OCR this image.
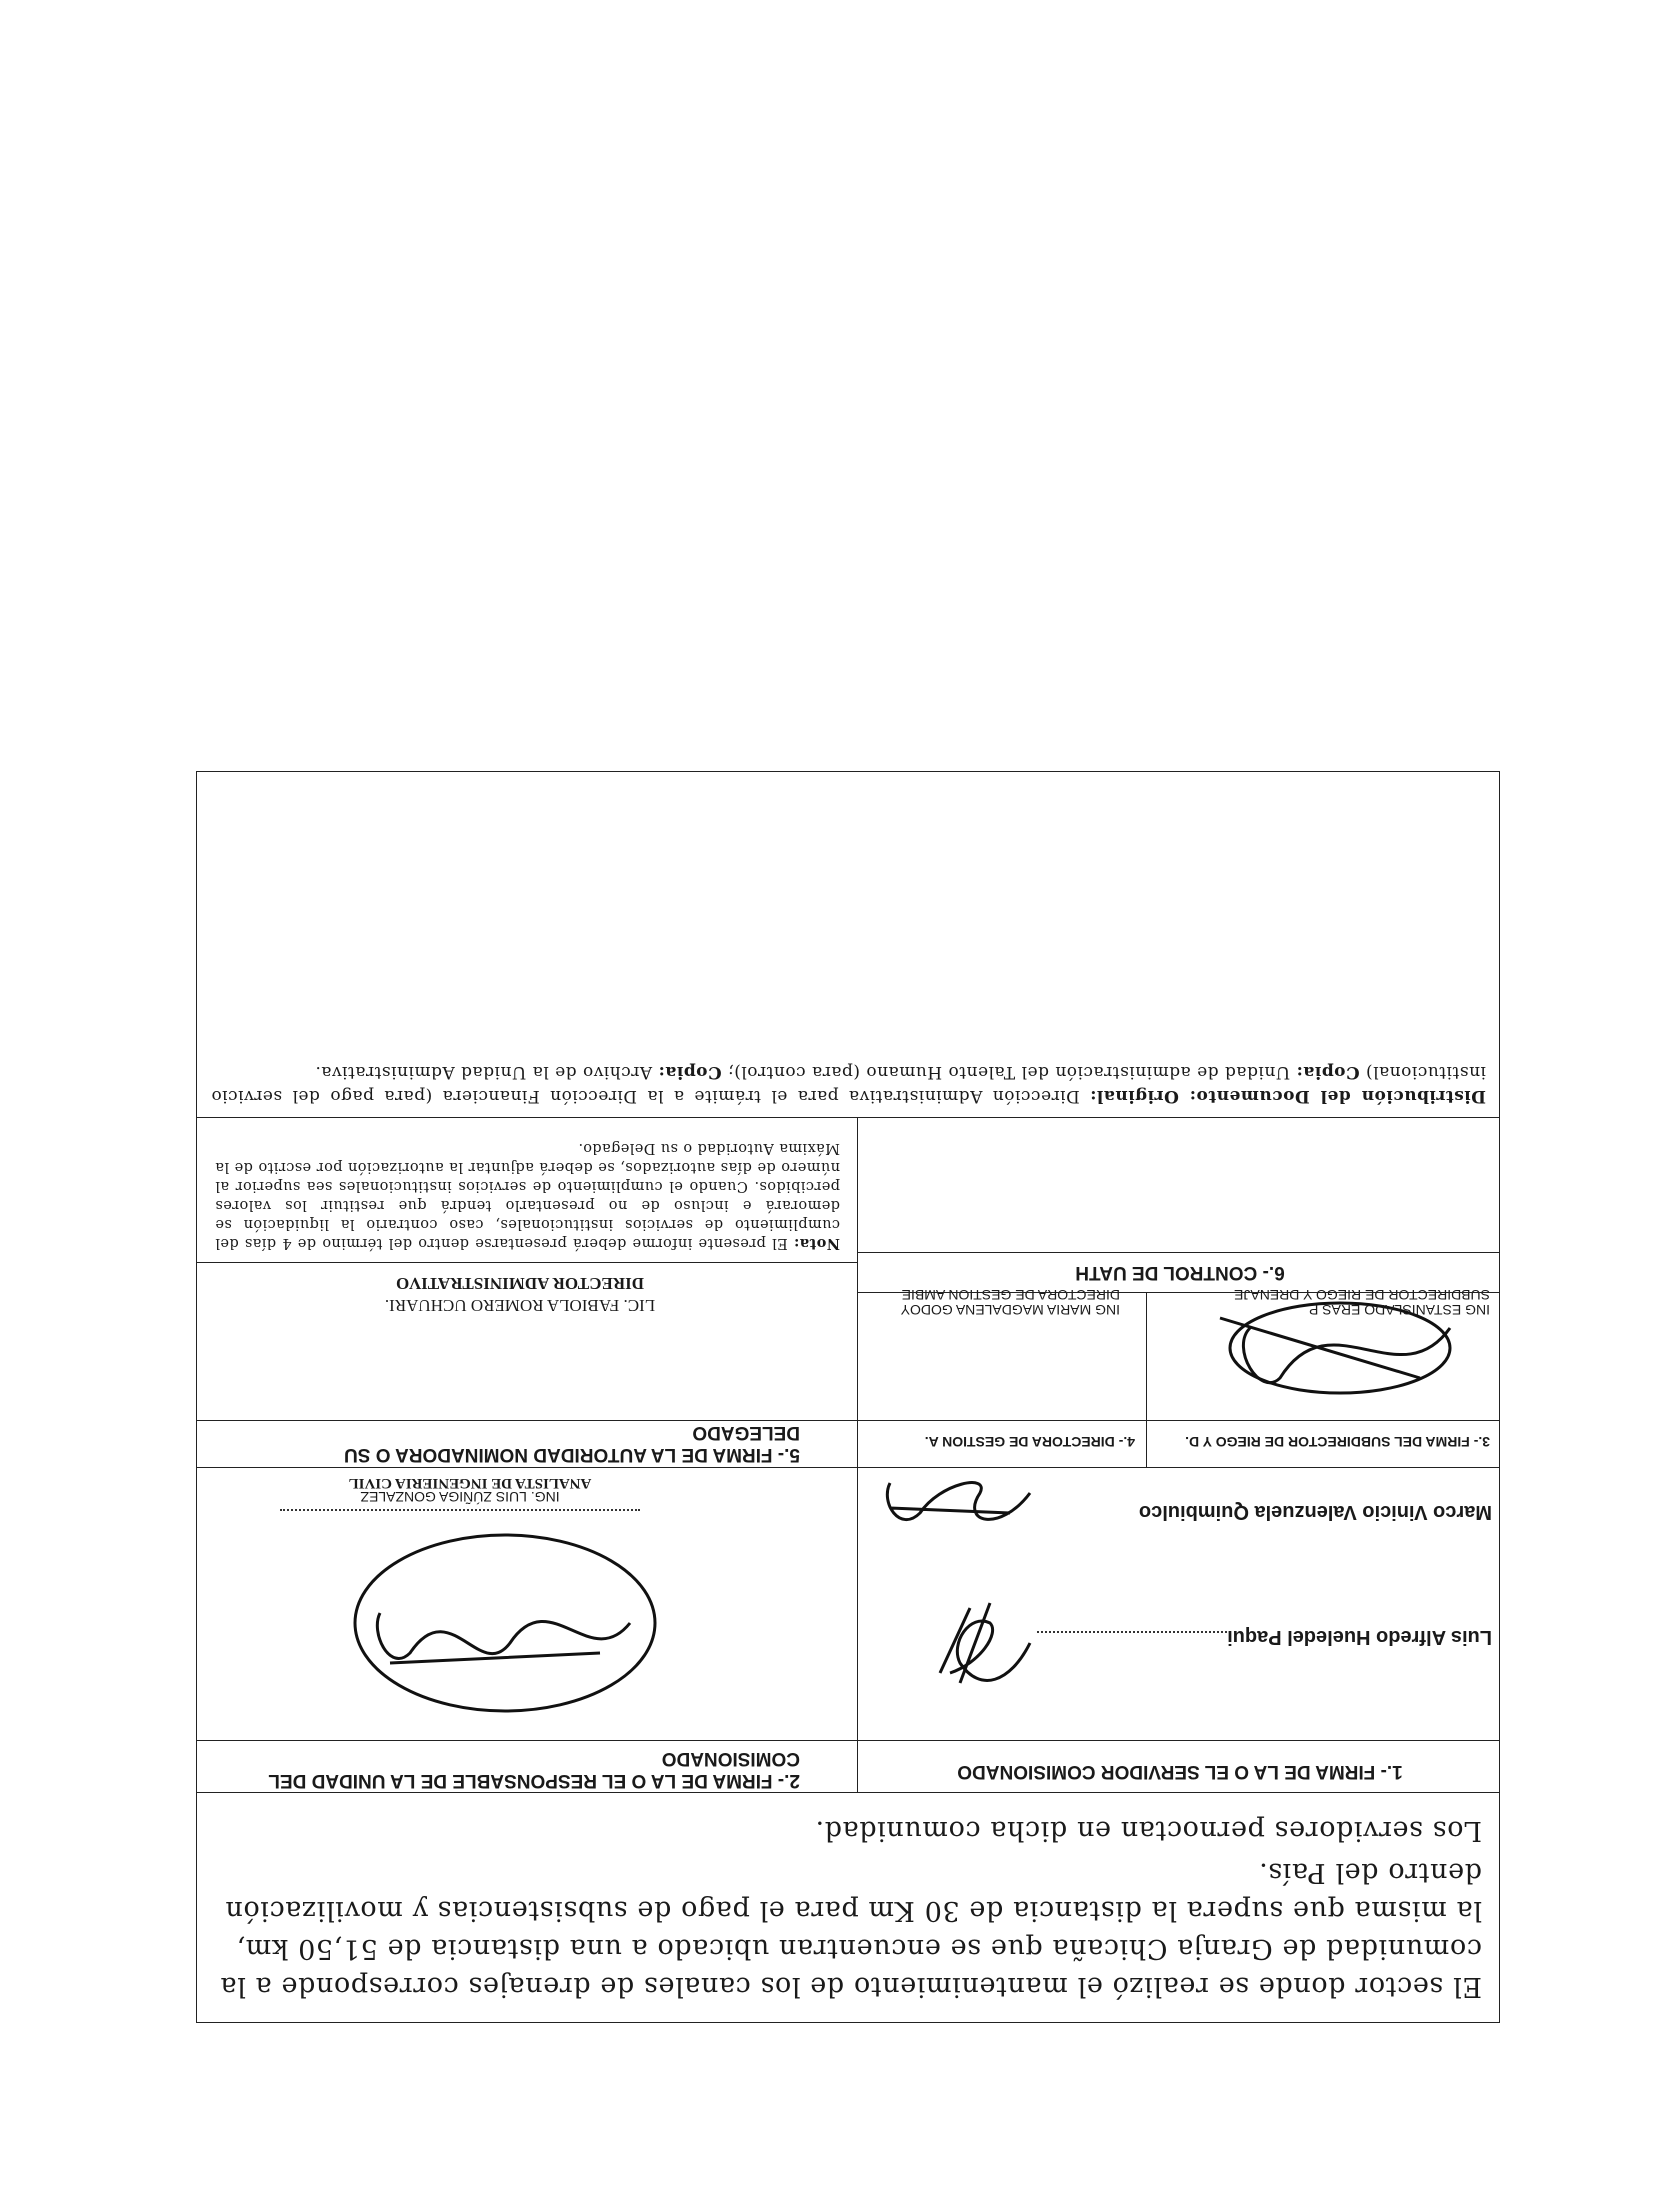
El sector donde se realizó el mantenimiento de los canales de drenajes corresponde a la comunidad de Granja Chicaña que se encuentran ubicado a una distancia de 51,50 km, la misma que supera la distancia de 30 Km para el pago de subsistencias y movilización dentro del País.

Los servidores pernoctan en dicha comunidad.

1.- FIRMA DE LA O EL SERVIDOR COMISIONADO
2.- FIRMA DE LA O EL RESPONSABLE DE LA UNIDAD DEL COMISIONADO
Luis Alfredo Hueledel Paqui
Marco Vinicio Valenzuela Quimbiulco
ING. LUIS ZÚÑIGA GONZALEZ
ANALISTA DE INGENIERIA CIVIL
3.- FIRMA DEL SUBDIRECTOR DE RIEGO Y D.
4.- DIRECTORA DE GESTION A.
5.- FIRMA DE LA AUTORIDAD NOMINADORA O SU DELEGADO
ING ESTANISLADO ERAS P
SUBDIRECTOR DE RIEGO Y DRENAJE
ING MARIA MAGDALENA GODOY
DIRECTORA DE GESTION AMBIE
LIC. FABIOLA ROMERO UCHUARI.
DIRECTOR ADMINISTRATIVO
6.- CONTROL DE UATH
Nota: El presente informe deberá presentarse dentro del término de 4 días del cumplimiento de servicios institucionales, caso contrario la liquidación se demorará e incluso de no presentarlo tendrá que restituir los valores percibidos. Cuando el cumplimiento de servicios institucionales sea superior al número de días autorizados, se deberá adjuntar la autorización por escrito de la Máxima Autoridad o su Delegado.
Distribución del Documento: Original: Dirección Administrativa para el trámite a la Dirección Financiera (para pago del servicio institucional) Copia: Unidad de administración del Talento Humano (para control); Copia: Archivo de la Unidad Administrativa.
